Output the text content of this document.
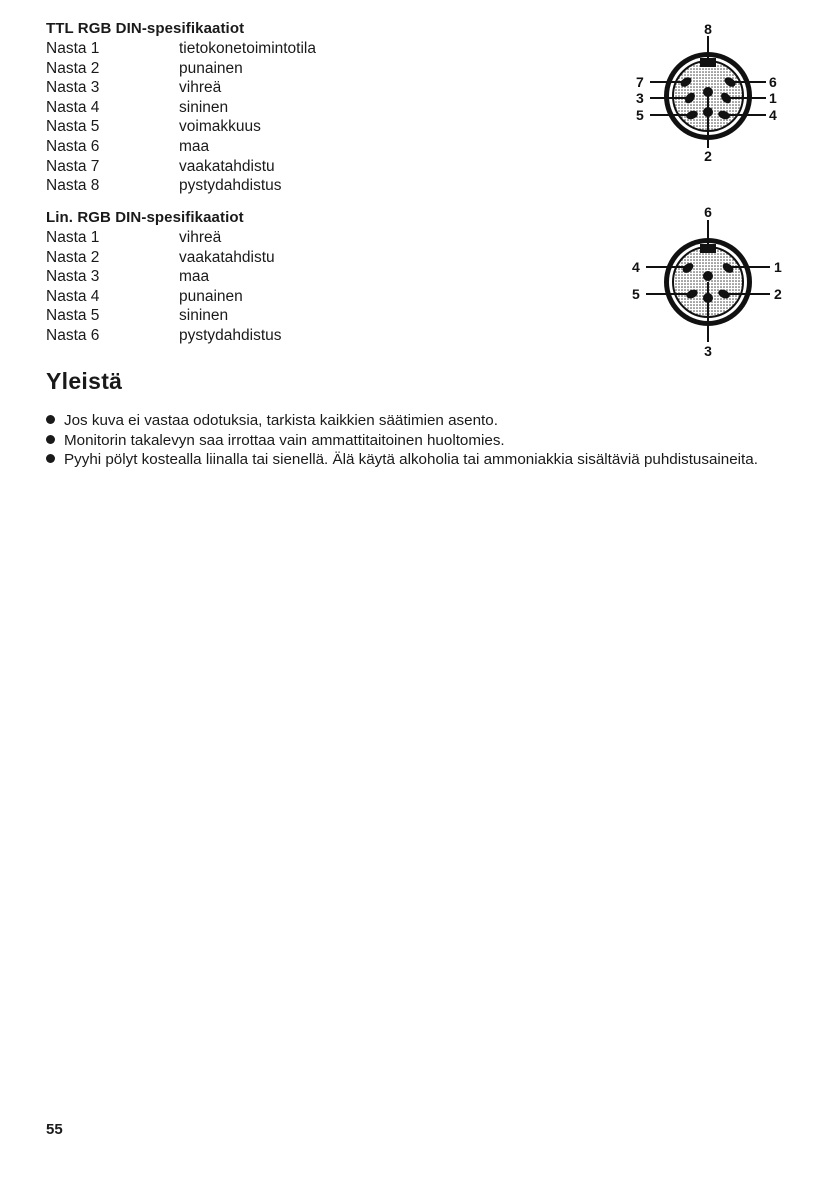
TTL RGB DIN-spesifikaatiot
Nasta 1	tietokonetoimintotila
Nasta 2	punainen
Nasta 3	vihreä
Nasta 4	sininen
Nasta 5	voimakkuus
Nasta 6	maa
Nasta 7	vaakatahdistu
Nasta 8	pystydahdistus
8
7
3
5
6
1
4
2
Lin. RGB DIN-spesifikaatiot
Nasta 1	vihreä
Nasta 2	vaakatahdistu
Nasta 3	maa
Nasta 4	punainen
Nasta 5	sininen
Nasta 6	pystydahdistus
6
4
5
1
2
3
Yleistä
Jos kuva ei vastaa odotuksia, tarkista kaikkien säätimien asento.
Monitorin takalevyn saa irrottaa vain ammattitaitoinen huoltomies.
Pyyhi pölyt kostealla liinalla tai sienellä. Älä käytä alkoholia tai ammoniakkia sisältäviä puhdistusaineita.
55
